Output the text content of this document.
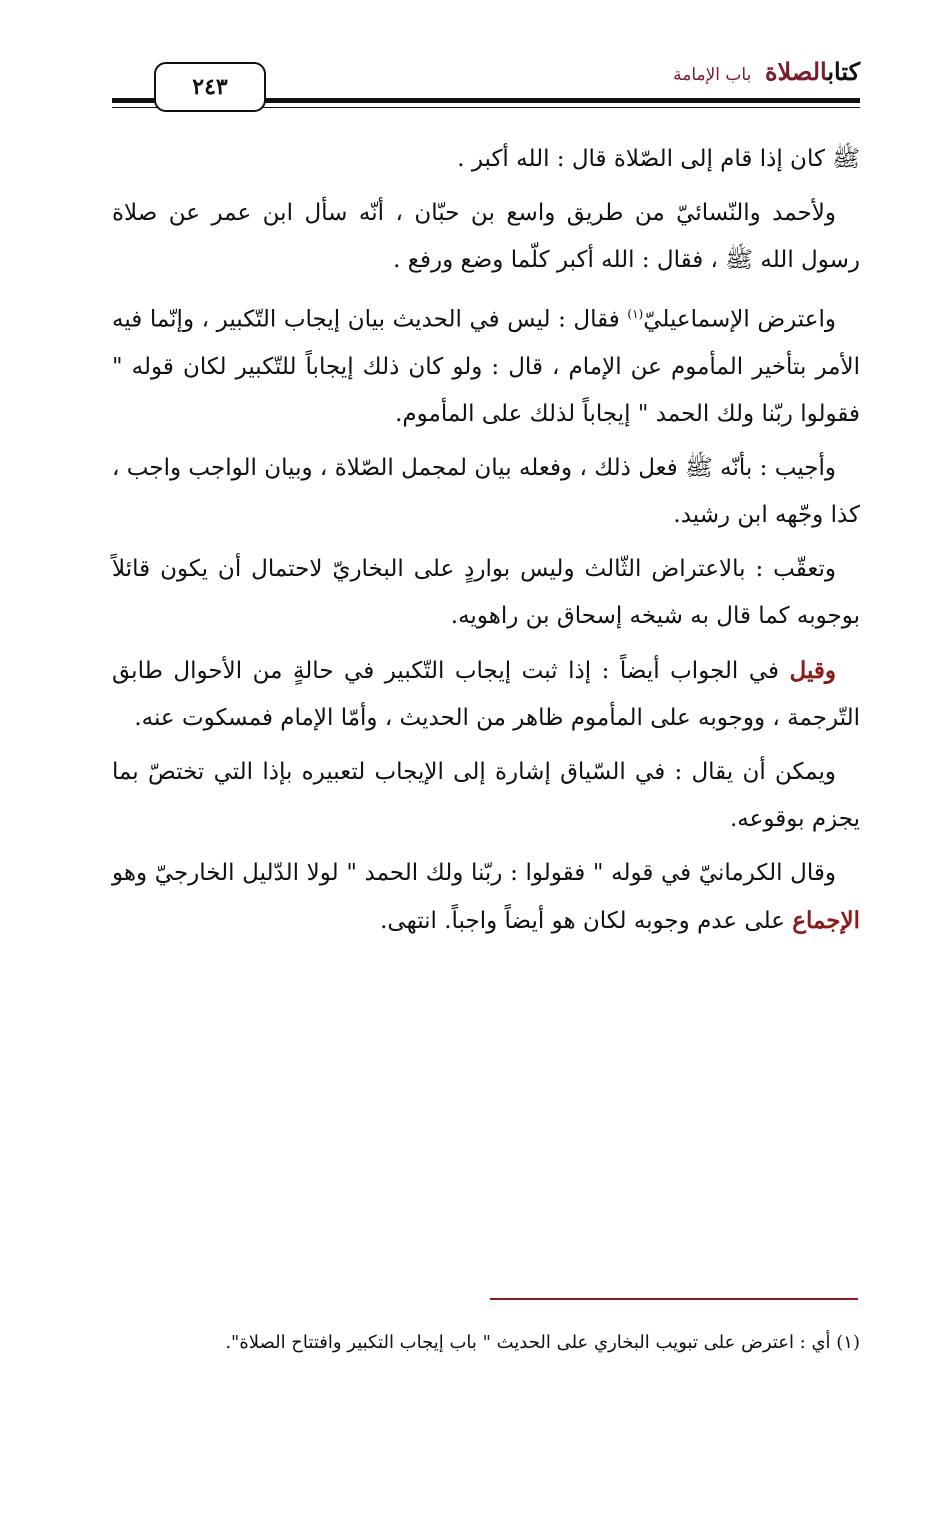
كتابالصلاة باب الإمامة
٢٤٣

ﷺ كان إذا قام إلى الصّلاة قال : الله أكبر .

ولأحمد والنّسائيّ من طريق واسع بن حبّان ، أنّه سأل ابن عمر عن صلاة رسول الله ﷺ ، فقال : الله أكبر كلّما وضع ورفع .

واعترض الإسماعيليّ$^{(١)}$ فقال : ليس في الحديث بيان إيجاب التّكبير ، وإنّما فيه الأمر بتأخير المأموم عن الإمام ، قال : ولو كان ذلك إيجاباً للتّكبير لكان قوله " فقولوا ربّنا ولك الحمد " إيجاباً لذلك على المأموم.

وأجيب : بأنّه ﷺ فعل ذلك ، وفعله بيان لمجمل الصّلاة ، وبيان الواجب واجب ، كذا وجّهه ابن رشيد.

وتعقّب : بالاعتراض الثّالث وليس بواردٍ على البخاريّ لاحتمال أن يكون قائلاً بوجوبه كما قال به شيخه إسحاق بن راهويه.

وقيل في الجواب أيضاً : إذا ثبت إيجاب التّكبير في حالةٍ من الأحوال طابق التّرجمة ، ووجوبه على المأموم ظاهر من الحديث ، وأمّا الإمام فمسكوت عنه.

ويمكن أن يقال : في السّياق إشارة إلى الإيجاب لتعبيره بإذا التي تختصّ بما يجزم بوقوعه.

وقال الكرمانيّ في قوله " فقولوا : ربّنا ولك الحمد " لولا الدّليل الخارجيّ وهو الإجماع على عدم وجوبه لكان هو أيضاً واجباً. انتهى.

(١) أي : اعترض على تبويب البخاري على الحديث " باب إيجاب التكبير وافتتاح الصلاة".
